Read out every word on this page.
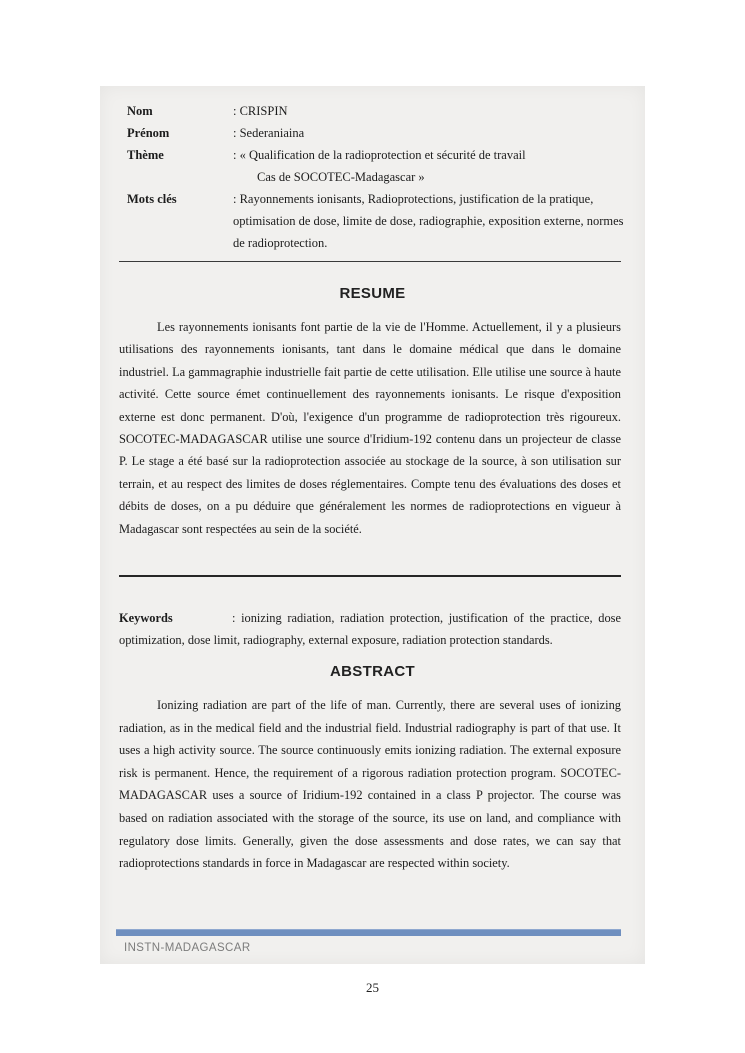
Nom	: CRISPIN
Prénom	: Sederaniaina
Thème	: « Qualification de la radioprotection et sécurité de travail
Cas de SOCOTEC-Madagascar »
Mots clés	: Rayonnements ionisants, Radioprotections, justification de la pratique, optimisation de dose, limite de dose, radiographie, exposition externe, normes de radioprotection.
RESUME
Les rayonnements ionisants font partie de la vie de l'Homme. Actuellement, il y a plusieurs utilisations des rayonnements ionisants, tant dans le domaine médical que dans le domaine industriel. La gammagraphie industrielle fait partie de cette utilisation. Elle utilise une source à haute activité. Cette source émet continuellement des rayonnements ionisants. Le risque d'exposition externe est donc permanent. D'où, l'exigence d'un programme de radioprotection très rigoureux. SOCOTEC-MADAGASCAR utilise une source d'Iridium-192 contenu dans un projecteur de classe P. Le stage a été basé sur la radioprotection associée au stockage de la source, à son utilisation sur terrain, et au respect des limites de doses réglementaires. Compte tenu des évaluations des doses et débits de doses, on a pu déduire que généralement les normes de radioprotections en vigueur à Madagascar sont respectées au sein de la société.
Keywords	: ionizing radiation, radiation protection, justification of the practice, dose optimization, dose limit, radiography, external exposure, radiation protection standards.
ABSTRACT
Ionizing radiation are part of the life of man. Currently, there are several uses of ionizing radiation, as in the medical field and the industrial field. Industrial radiography is part of that use. It uses a high activity source. The source continuously emits ionizing radiation. The external exposure risk is permanent. Hence, the requirement of a rigorous radiation protection program. SOCOTEC-MADAGASCAR uses a source of Iridium-192 contained in a class P projector. The course was based on radiation associated with the storage of the source, its use on land, and compliance with regulatory dose limits. Generally, given the dose assessments and dose rates, we can say that radioprotections standards in force in Madagascar are respected within society.
INSTN-MADAGASCAR
25
